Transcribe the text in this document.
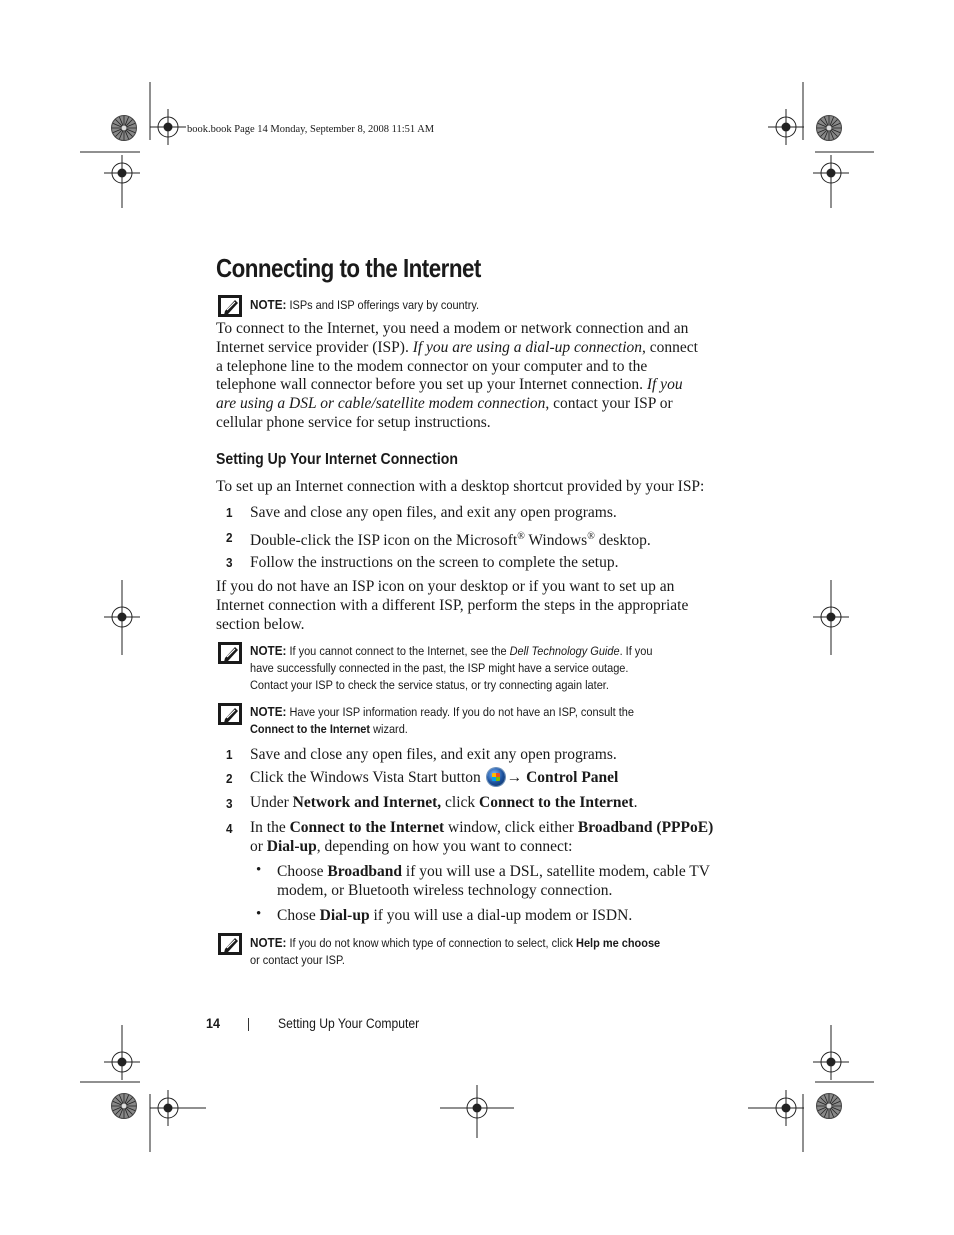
book.book Page 14 Monday, September 8, 2008 11:51 AM
Connecting to the Internet
NOTE: ISPs and ISP offerings vary by country.
To connect to the Internet, you need a modem or network connection and an
Internet service provider (ISP). If you are using a dial-up connection, connect
a telephone line to the modem connector on your computer and to the
telephone wall connector before you set up your Internet connection. If you
are using a DSL or cable/satellite modem connection, contact your ISP or
cellular phone service for setup instructions.
Setting Up Your Internet Connection
To set up an Internet connection with a desktop shortcut provided by your ISP:
1 Save and close any open files, and exit any open programs.
2 Double-click the ISP icon on the Microsoft® Windows® desktop.
3 Follow the instructions on the screen to complete the setup.
If you do not have an ISP icon on your desktop or if you want to set up an
Internet connection with a different ISP, perform the steps in the appropriate
section below.
NOTE: If you cannot connect to the Internet, see the Dell Technology Guide. If you
have successfully connected in the past, the ISP might have a service outage.
Contact your ISP to check the service status, or try connecting again later.
NOTE: Have your ISP information ready. If you do not have an ISP, consult the
Connect to the Internet wizard.
1 Save and close any open files, and exit any open programs.
2 Click the Windows Vista Start button → Control Panel
3 Under Network and Internet, click Connect to the Internet.
4 In the Connect to the Internet window, click either Broadband (PPPoE)
or Dial-up, depending on how you want to connect:
• Choose Broadband if you will use a DSL, satellite modem, cable TV
modem, or Bluetooth wireless technology connection.
• Chose Dial-up if you will use a dial-up modem or ISDN.
NOTE: If you do not know which type of connection to select, click Help me choose
or contact your ISP.
14	Setting Up Your Computer
